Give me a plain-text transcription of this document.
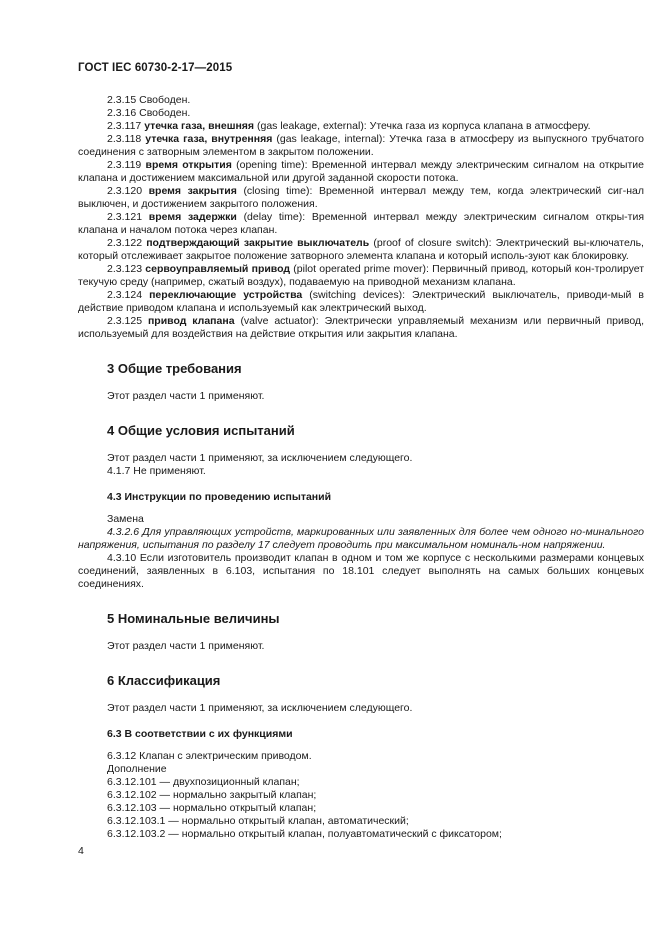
ГОСТ IEC 60730-2-17—2015

2.3.15 Свободен.

2.3.16 Свободен.

2.3.117 утечка газа, внешняя (gas leakage, external): Утечка газа из корпуса клапана в атмосферу.

2.3.118 утечка газа, внутренняя (gas leakage, internal): Утечка газа в атмосферу из выпускного трубчатого соединения с затворным элементом в закрытом положении.

2.3.119 время открытия (opening time): Временной интервал между электрическим сигналом на открытие клапана и достижением максимальной или другой заданной скорости потока.

2.3.120 время закрытия (closing time): Временной интервал между тем, когда электрический сиг-нал выключен, и достижением закрытого положения.

2.3.121 время задержки (delay time): Временной интервал между электрическим сигналом откры-тия клапана и началом потока через клапан.

2.3.122 подтверждающий закрытие выключатель (proof of closure switch): Электрический вы-ключатель, который отслеживает закрытое положение затворного элемента клапана и который исполь-зуют как блокировку.

2.3.123 сервоуправляемый привод (pilot operated prime mover): Первичный привод, который кон-тролирует текучую среду (например, сжатый воздух), подаваемую на приводной механизм клапана.

2.3.124 переключающие устройства (switching devices): Электрический выключатель, приводи-мый в действие приводом клапана и используемый как электрический выход.

2.3.125 привод клапана (valve actuator): Электрически управляемый механизм или первичный привод, используемый для воздействия на действие открытия или закрытия клапана.

3 Общие требования

Этот раздел части 1 применяют.

4 Общие условия испытаний

Этот раздел части 1 применяют, за исключением следующего.

4.1.7 Не применяют.

4.3 Инструкции по проведению испытаний

Замена

4.3.2.6 Для управляющих устройств, маркированных или заявленных для более чем одного но-минального напряжения, испытания по разделу 17 следует проводить при максимальном номиналь-ном напряжении.

4.3.10 Если изготовитель производит клапан в одном и том же корпусе с несколькими размерами концевых соединений, заявленных в 6.103, испытания по 18.101 следует выполнять на самых больших концевых соединениях.

5 Номинальные величины

Этот раздел части 1 применяют.

6 Классификация

Этот раздел части 1 применяют, за исключением следующего.

6.3 В соответствии с их функциями

6.3.12 Клапан с электрическим приводом.

Дополнение

6.3.12.101 — двухпозиционный клапан;

6.3.12.102 — нормально закрытый клапан;

6.3.12.103 — нормально открытый клапан;

6.3.12.103.1 — нормально открытый клапан, автоматический;

6.3.12.103.2 — нормально открытый клапан, полуавтоматический с фиксатором;

4
